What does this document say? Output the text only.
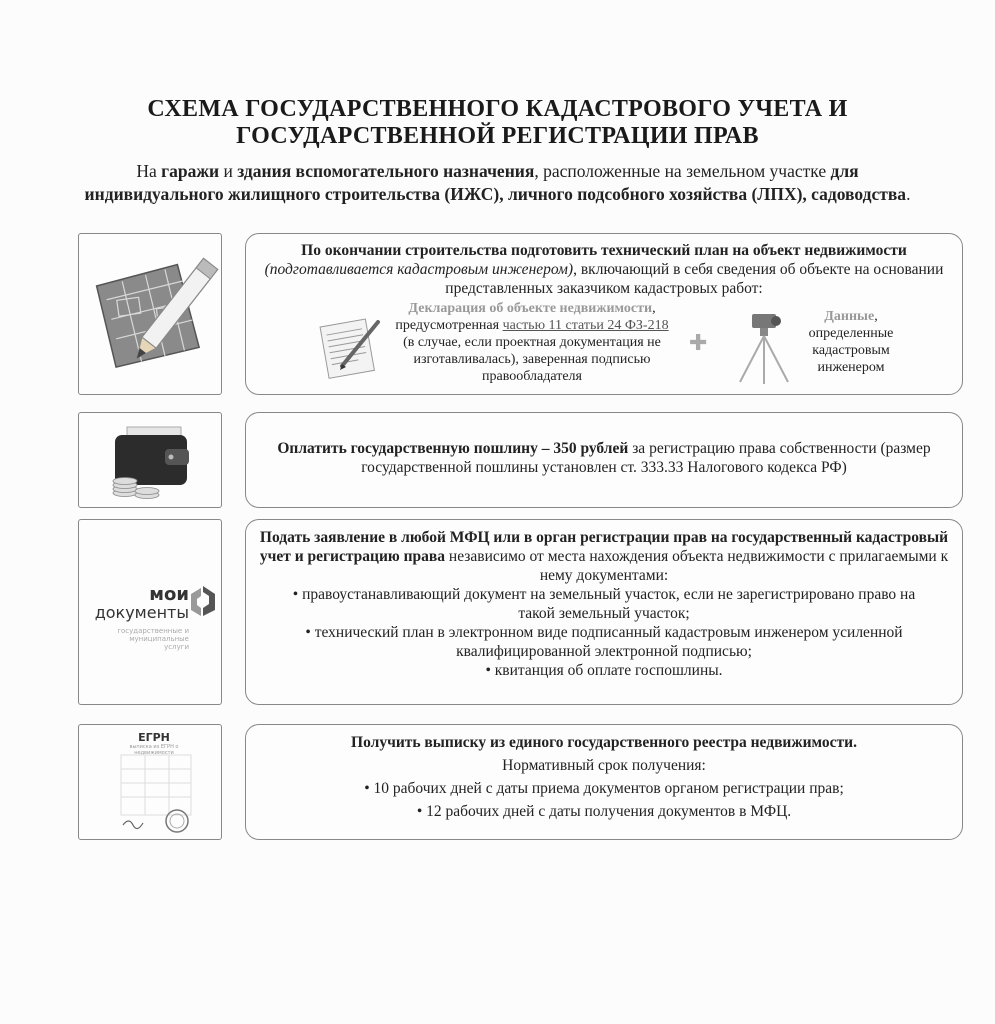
СХЕМА ГОСУДАРСТВЕННОГО КАДАСТРОВОГО УЧЕТА И
ГОСУДАРСТВЕННОЙ РЕГИСТРАЦИИ ПРАВ
На гаражи и здания вспомогательного назначения, расположенные на земельном участке для индивидуального жилищного строительства (ИЖС), личного подсобного хозяйства (ЛПХ), садоводства.

По окончании строительства подготовить технический план на объект недвижимости (подготавливается кадастровым инженером), включающий в себя сведения об объекте на основании представленных заказчиком кадастровых работ:

Декларация об объекте недвижимости,
предусмотренная частью 11 статьи 24 ФЗ-218 (в случае, если проектная документация не изготавливалась), заверенная подписью правообладателя
✚
Данные, определенные кадастровым инженером

Оплатить государственную пошлину – 350 рублей за регистрацию права собственности (размер государственной пошлины установлен ст. 333.33 Налогового кодекса РФ)

мои
документы
государственные и муниципальные услуги

Подать заявление в любой МФЦ или в орган регистрации прав на государственный кадастровый учет и регистрацию права независимо от места нахождения объекта недвижимости с прилагаемыми к нему документами:

• правоустанавливающий документ на земельный участок, если не зарегистрировано право на такой земельный участок;

• технический план в электронном виде подписанный кадастровым инженером усиленной квалифицированной электронной подписью;

• квитанция об оплате госпошлины.

ЕГРН
выписка из ЕГРН о недвижимости

Получить выписку из единого государственного реестра недвижимости.

Нормативный срок получения:

• 10 рабочих дней с даты приема документов органом регистрации прав;

• 12 рабочих дней с даты получения документов в МФЦ.
